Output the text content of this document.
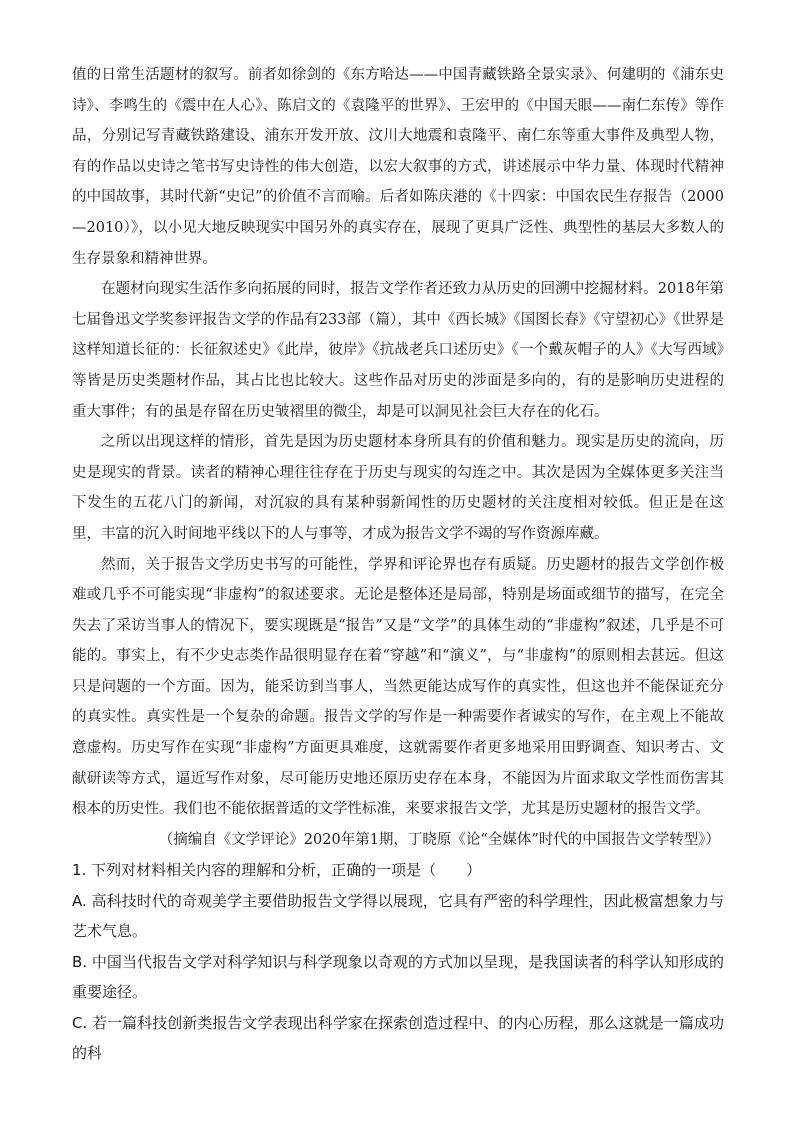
值的日常生活题材的叙写。前者如徐剑的《东方哈达——中国青藏铁路全景实录》、何建明的《浦东史诗》、李鸣生的《震中在人心》、陈启文的《袁隆平的世界》、王宏甲的《中国天眼——南仁东传》等作品，分别记写青藏铁路建设、浦东开发开放、汶川大地震和袁隆平、南仁东等重大事件及典型人物，有的作品以史诗之笔书写史诗性的伟大创造，以宏大叙事的方式，讲述展示中华力量、体现时代精神的中国故事，其时代新“史记”的价值不言而喻。后者如陈庆港的《十四家：中国农民生存报告（2000—2010）》，以小见大地反映现实中国另外的真实存在，展现了更具广泛性、典型性的基层大多数人的生存景象和精神世界。

在题材向现实生活作多向拓展的同时，报告文学作者还致力从历史的回溯中挖掘材料。2018年第七届鲁迅文学奖参评报告文学的作品有233部（篇），其中《西长城》《国图长春》《守望初心》《世界是这样知道长征的：长征叙述史》《此岸，彼岸》《抗战老兵口述历史》《一个戴灰帽子的人》《大写西域》等皆是历史类题材作品，其占比也比较大。这些作品对历史的涉面是多向的，有的是影响历史进程的重大事件；有的虽是存留在历史皱褶里的微尘，却是可以洞见社会巨大存在的化石。

之所以出现这样的情形，首先是因为历史题材本身所具有的价值和魅力。现实是历史的流向，历史是现实的背景。读者的精神心理往往存在于历史与现实的勾连之中。其次是因为全媒体更多关注当下发生的五花八门的新闻，对沉寂的具有某种弱新闻性的历史题材的关注度相对较低。但正是在这里，丰富的沉入时间地平线以下的人与事等，才成为报告文学不竭的写作资源库藏。

然而，关于报告文学历史书写的可能性，学界和评论界也存有质疑。历史题材的报告文学创作极难或几乎不可能实现“非虚构”的叙述要求。无论是整体还是局部，特别是场面或细节的描写，在完全失去了采访当事人的情况下，要实现既是“报告”又是“文学”的具体生动的“非虚构”叙述，几乎是不可能的。事实上，有不少史志类作品很明显存在着“穿越”和“演义”，与“非虚构”的原则相去甚远。但这只是问题的一个方面。因为，能采访到当事人，当然更能达成写作的真实性，但这也并不能保证充分的真实性。真实性是一个复杂的命题。报告文学的写作是一种需要作者诚实的写作，在主观上不能故意虚构。历史写作在实现“非虚构”方面更具难度，这就需要作者更多地采用田野调查、知识考古、文献研读等方式，逼近写作对象，尽可能历史地还原历史存在本身，不能因为片面求取文学性而伤害其根本的历史性。我们也不能依据普适的文学性标准，来要求报告文学，尤其是历史题材的报告文学。

（摘编自《文学评论》2020年第1期，丁晓原《论“全媒体”时代的中国报告文学转型》）

1. 下列对材料相关内容的理解和分析，正确的一项是（　　）

A. 高科技时代的奇观美学主要借助报告文学得以展现，它具有严密的科学理性，因此极富想象力与艺术气息。

B. 中国当代报告文学对科学知识与科学现象以奇观的方式加以呈现，是我国读者的科学认知形成的重要途径。

C. 若一篇科技创新类报告文学表现出科学家在探索创造过程中、的内心历程，那么这就是一篇成功的科
